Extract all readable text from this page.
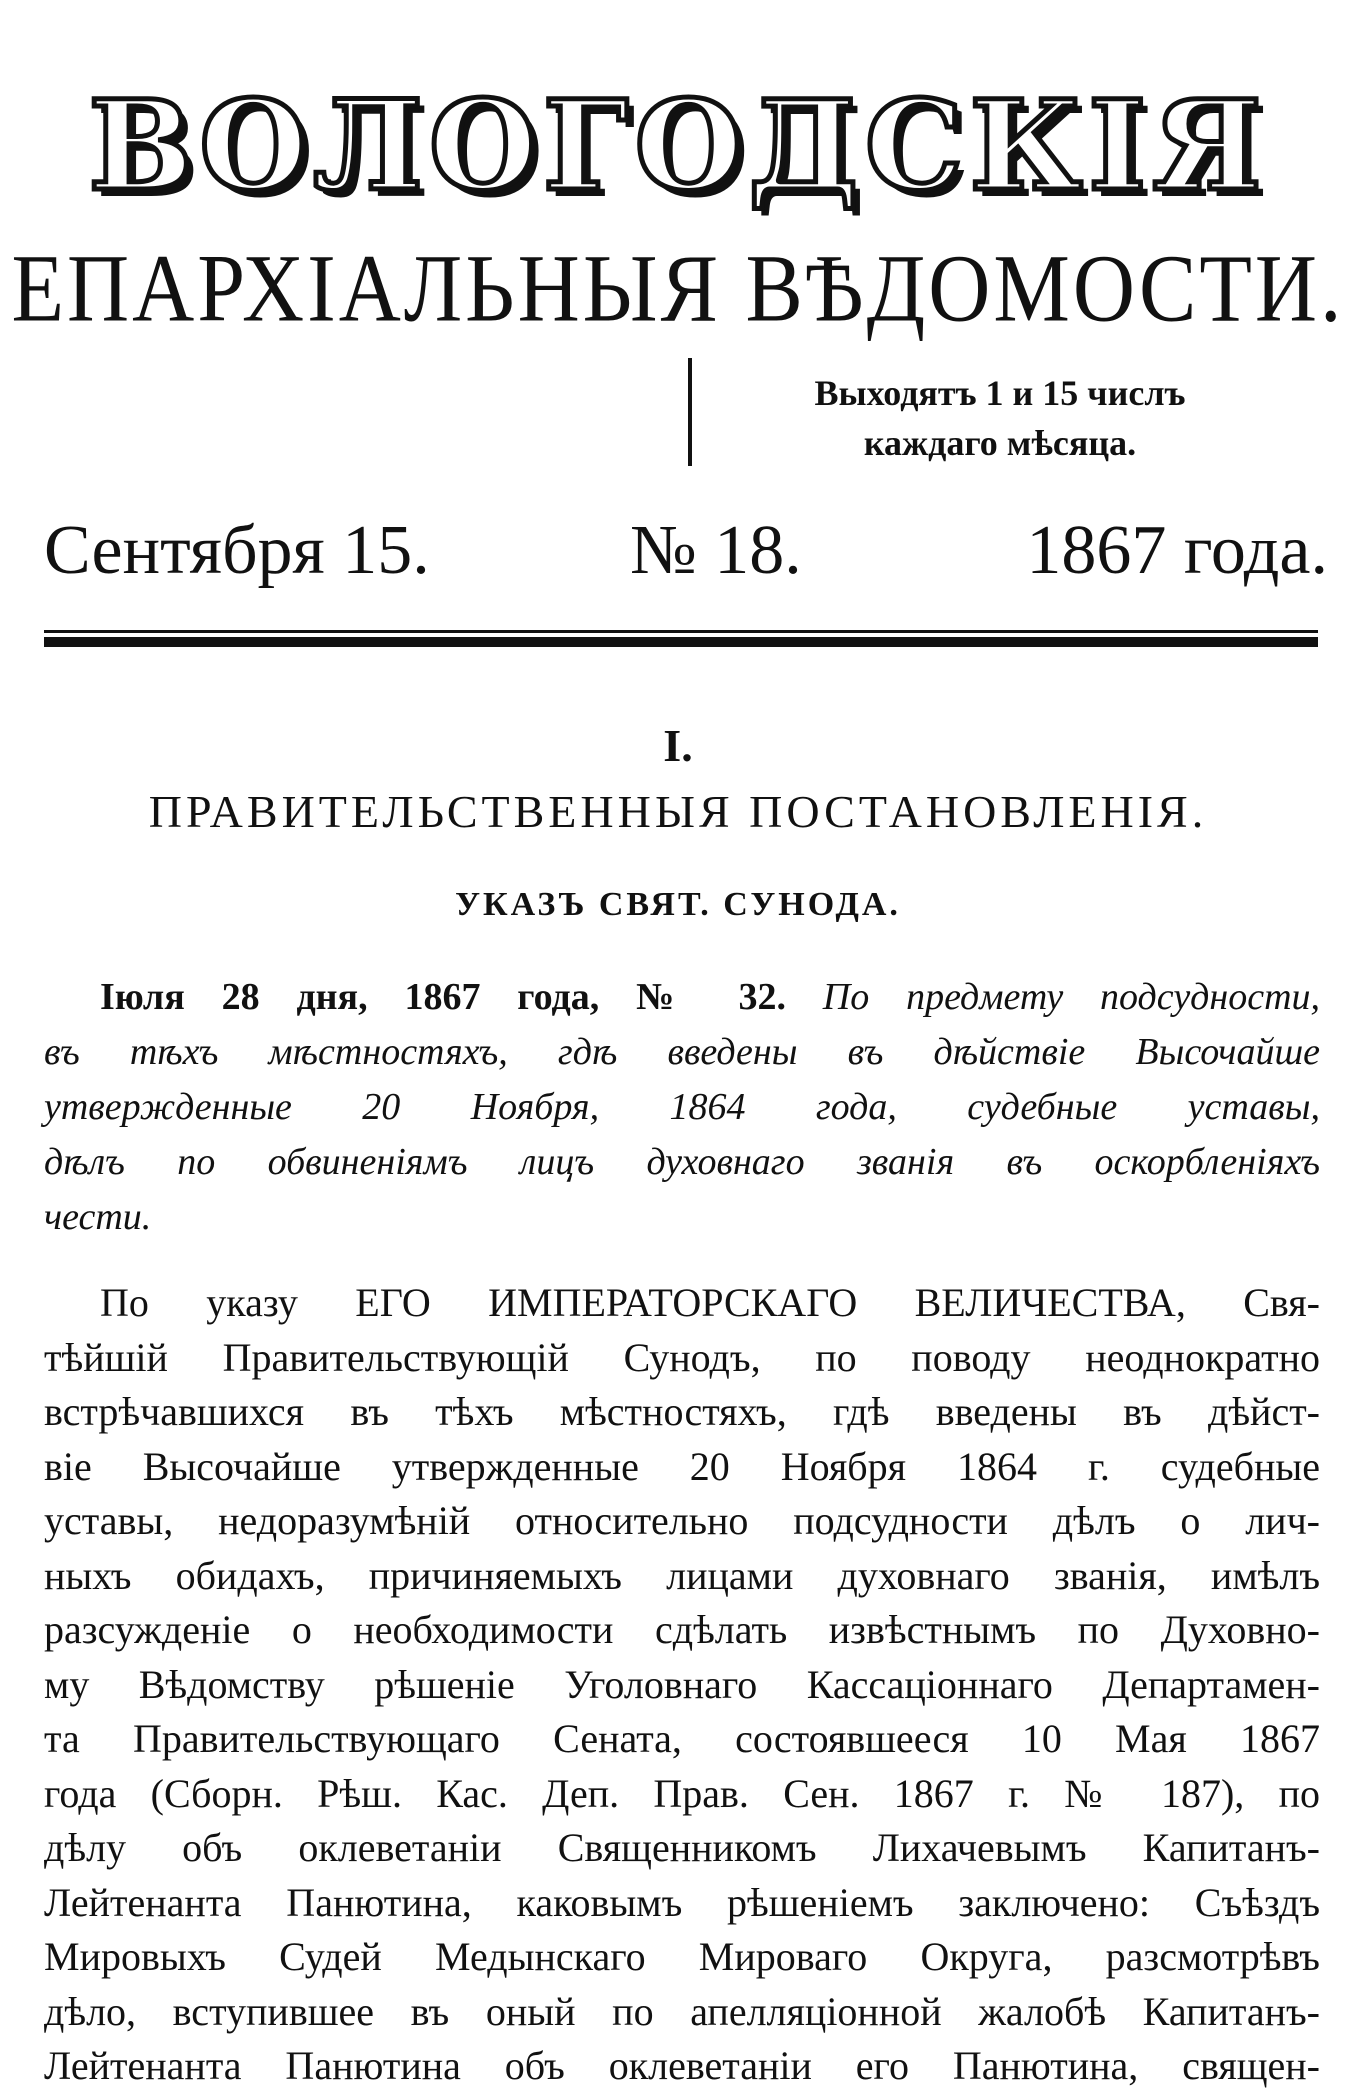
ВОЛОГОДСКІЯ
ЕПАРХІАЛЬНЫЯ ВѢДОМОСТИ.
Выходятъ 1 и 15 числъ
каждаго мѣсяца.
Сентября 15.	№ 18.	1867 года.
I.
ПРАВИТЕЛЬСТВЕННЫЯ ПОСТАНОВЛЕНІЯ.
УКАЗЪ СВЯТ. СУНОДА.
Іюля 28 дня, 1867 года, № 32. По предмету подсудности,
въ тѣхъ мѣстностяхъ, гдѣ введены въ дѣйствіе Высочайше
утвержденные 20 Ноября, 1864 года, судебные уставы,
дѣлъ по обвиненіямъ лицъ духовнаго званія въ оскорбленіяхъ
чести.
По указу ЕГО ИМПЕРАТОРСКАГО ВЕЛИЧЕСТВА, Свя-
тѣйшій Правительствующій Сунодъ, по поводу неоднократно
встрѣчавшихся въ тѣхъ мѣстностяхъ, гдѣ введены въ дѣйст-
віе Высочайше утвержденные 20 Ноября 1864 г. судебные
уставы, недоразумѣній относительно подсудности дѣлъ о лич-
ныхъ обидахъ, причиняемыхъ лицами духовнаго званія, имѣлъ
разсужденіе о необходимости сдѣлать извѣстнымъ по Духовно-
му Вѣдомству рѣшеніе Уголовнаго Кассаціоннаго Департамен-
та Правительствующаго Сената, состоявшееся 10 Мая 1867
года (Сборн. Рѣш. Кас. Деп. Прав. Сен. 1867 г. № 187), по
дѣлу объ оклеветаніи Священникомъ Лихачевымъ Капитанъ-
Лейтенанта Панютина, каковымъ рѣшеніемъ заключено: Съѣздъ
Мировыхъ Судей Медынскаго Мироваго Округа, разсмотрѣвъ
дѣло, вступившее въ оный по апелляціонной жалобѣ Капитанъ-
Лейтенанта Панютина объ оклеветаніи его Панютина, священ-
